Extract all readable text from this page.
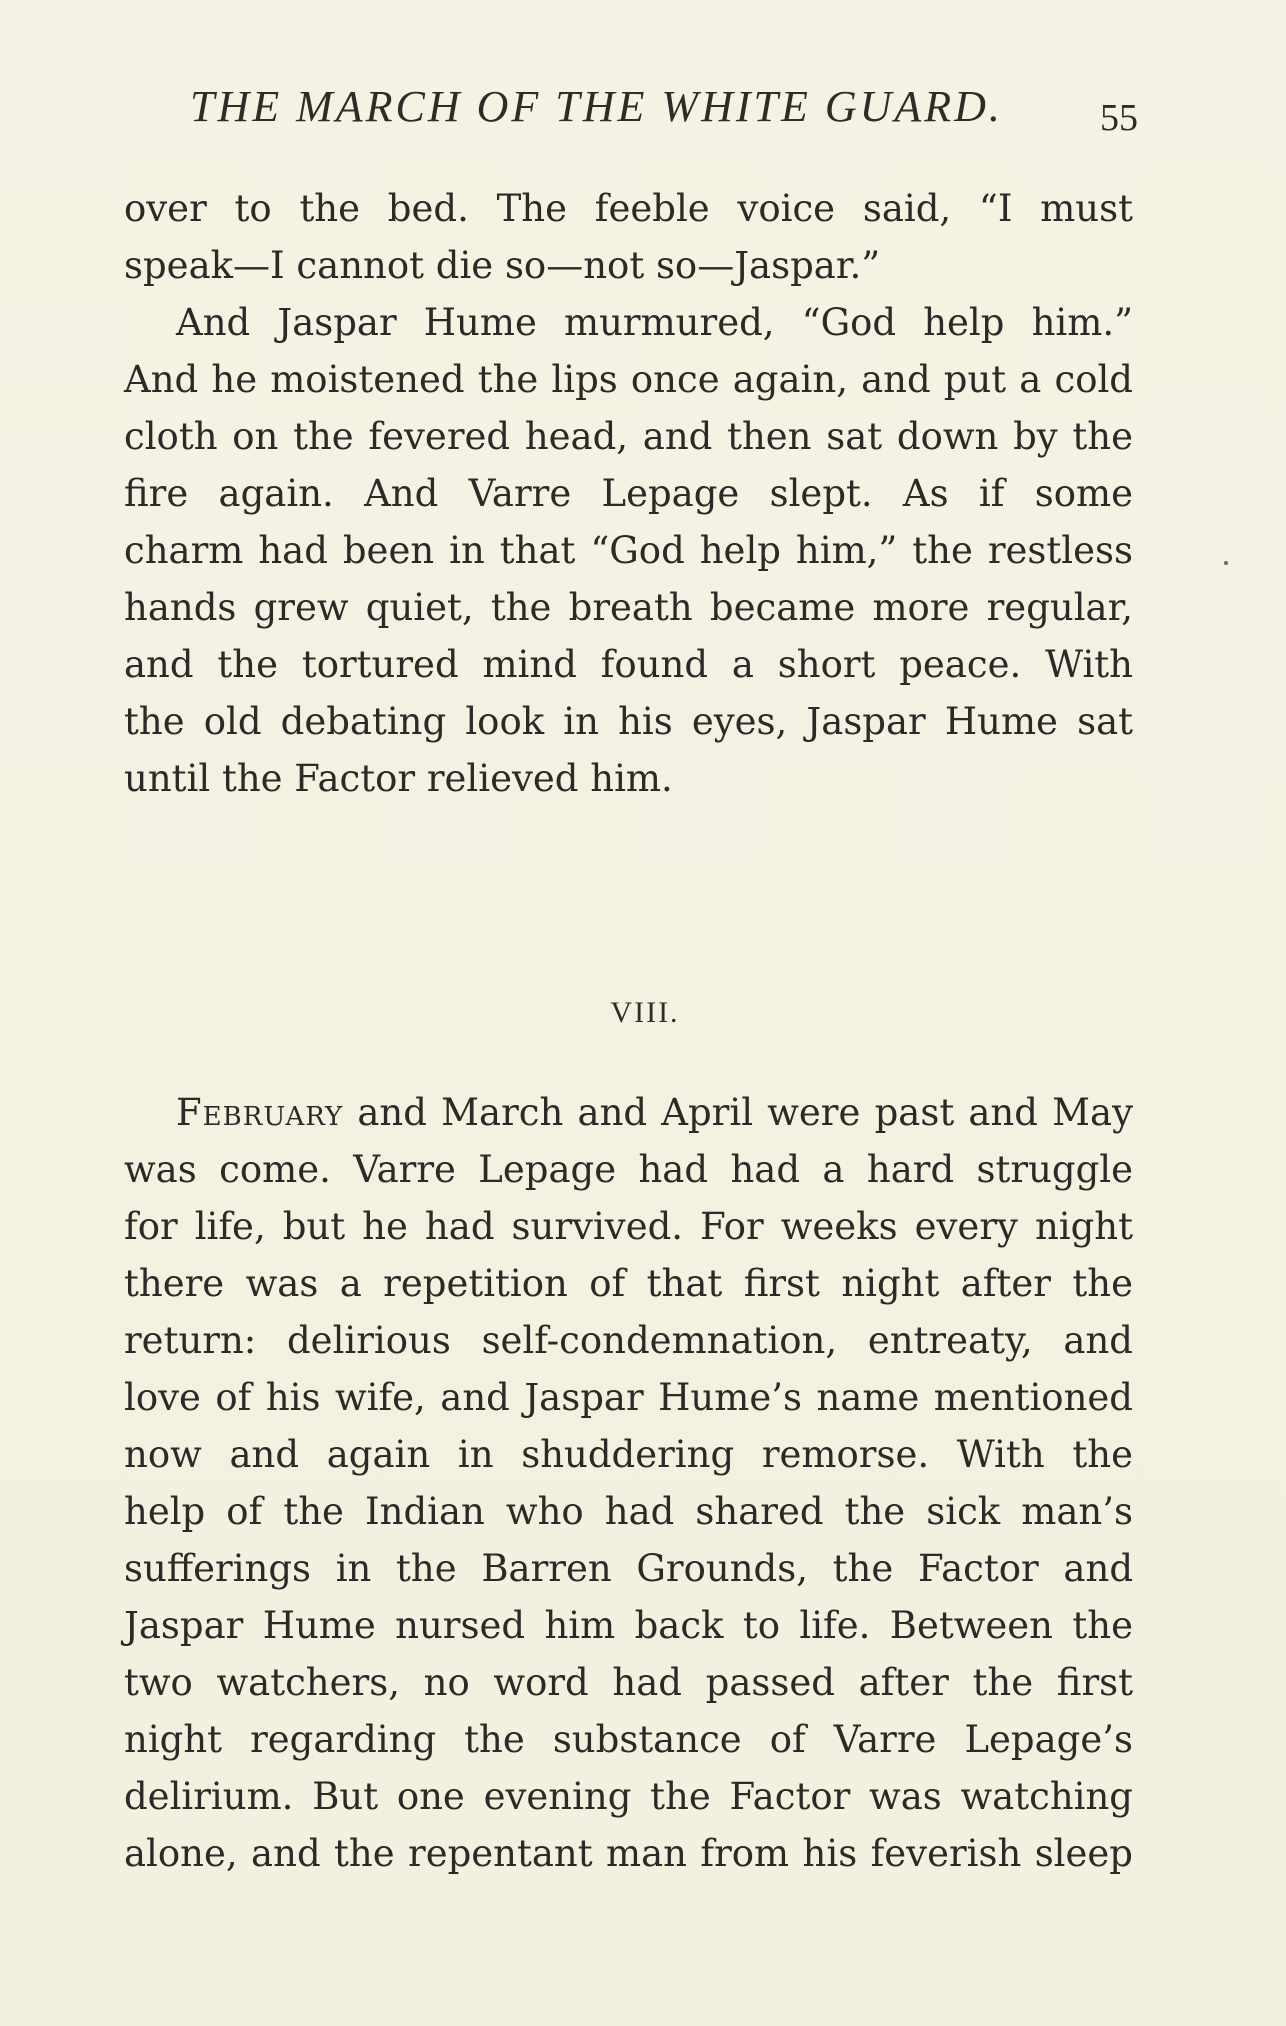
THE MARCH OF THE WHITE GUARD.	55
over to the bed. The feeble voice said, “I must
speak—I cannot die so—not so—Jaspar.”
And Jaspar Hume murmured, “God help him.”
And he moistened the lips once again, and put a cold
cloth on the fevered head, and then sat down by the
fire again. And Varre Lepage slept. As if some
charm had been in that “God help him,” the restless
hands grew quiet, the breath became more regular,
and the tortured mind found a short peace. With
the old debating look in his eyes, Jaspar Hume sat
until the Factor relieved him.
VIII.
February and March and April were past and May
was come. Varre Lepage had had a hard struggle
for life, but he had survived. For weeks every night
there was a repetition of that first night after the
return: delirious self-condemnation, entreaty, and
love of his wife, and Jaspar Hume’s name mentioned
now and again in shuddering remorse. With the
help of the Indian who had shared the sick man’s
sufferings in the Barren Grounds, the Factor and
Jaspar Hume nursed him back to life. Between the
two watchers, no word had passed after the first
night regarding the substance of Varre Lepage’s
delirium. But one evening the Factor was watching
alone, and the repentant man from his feverish sleep
